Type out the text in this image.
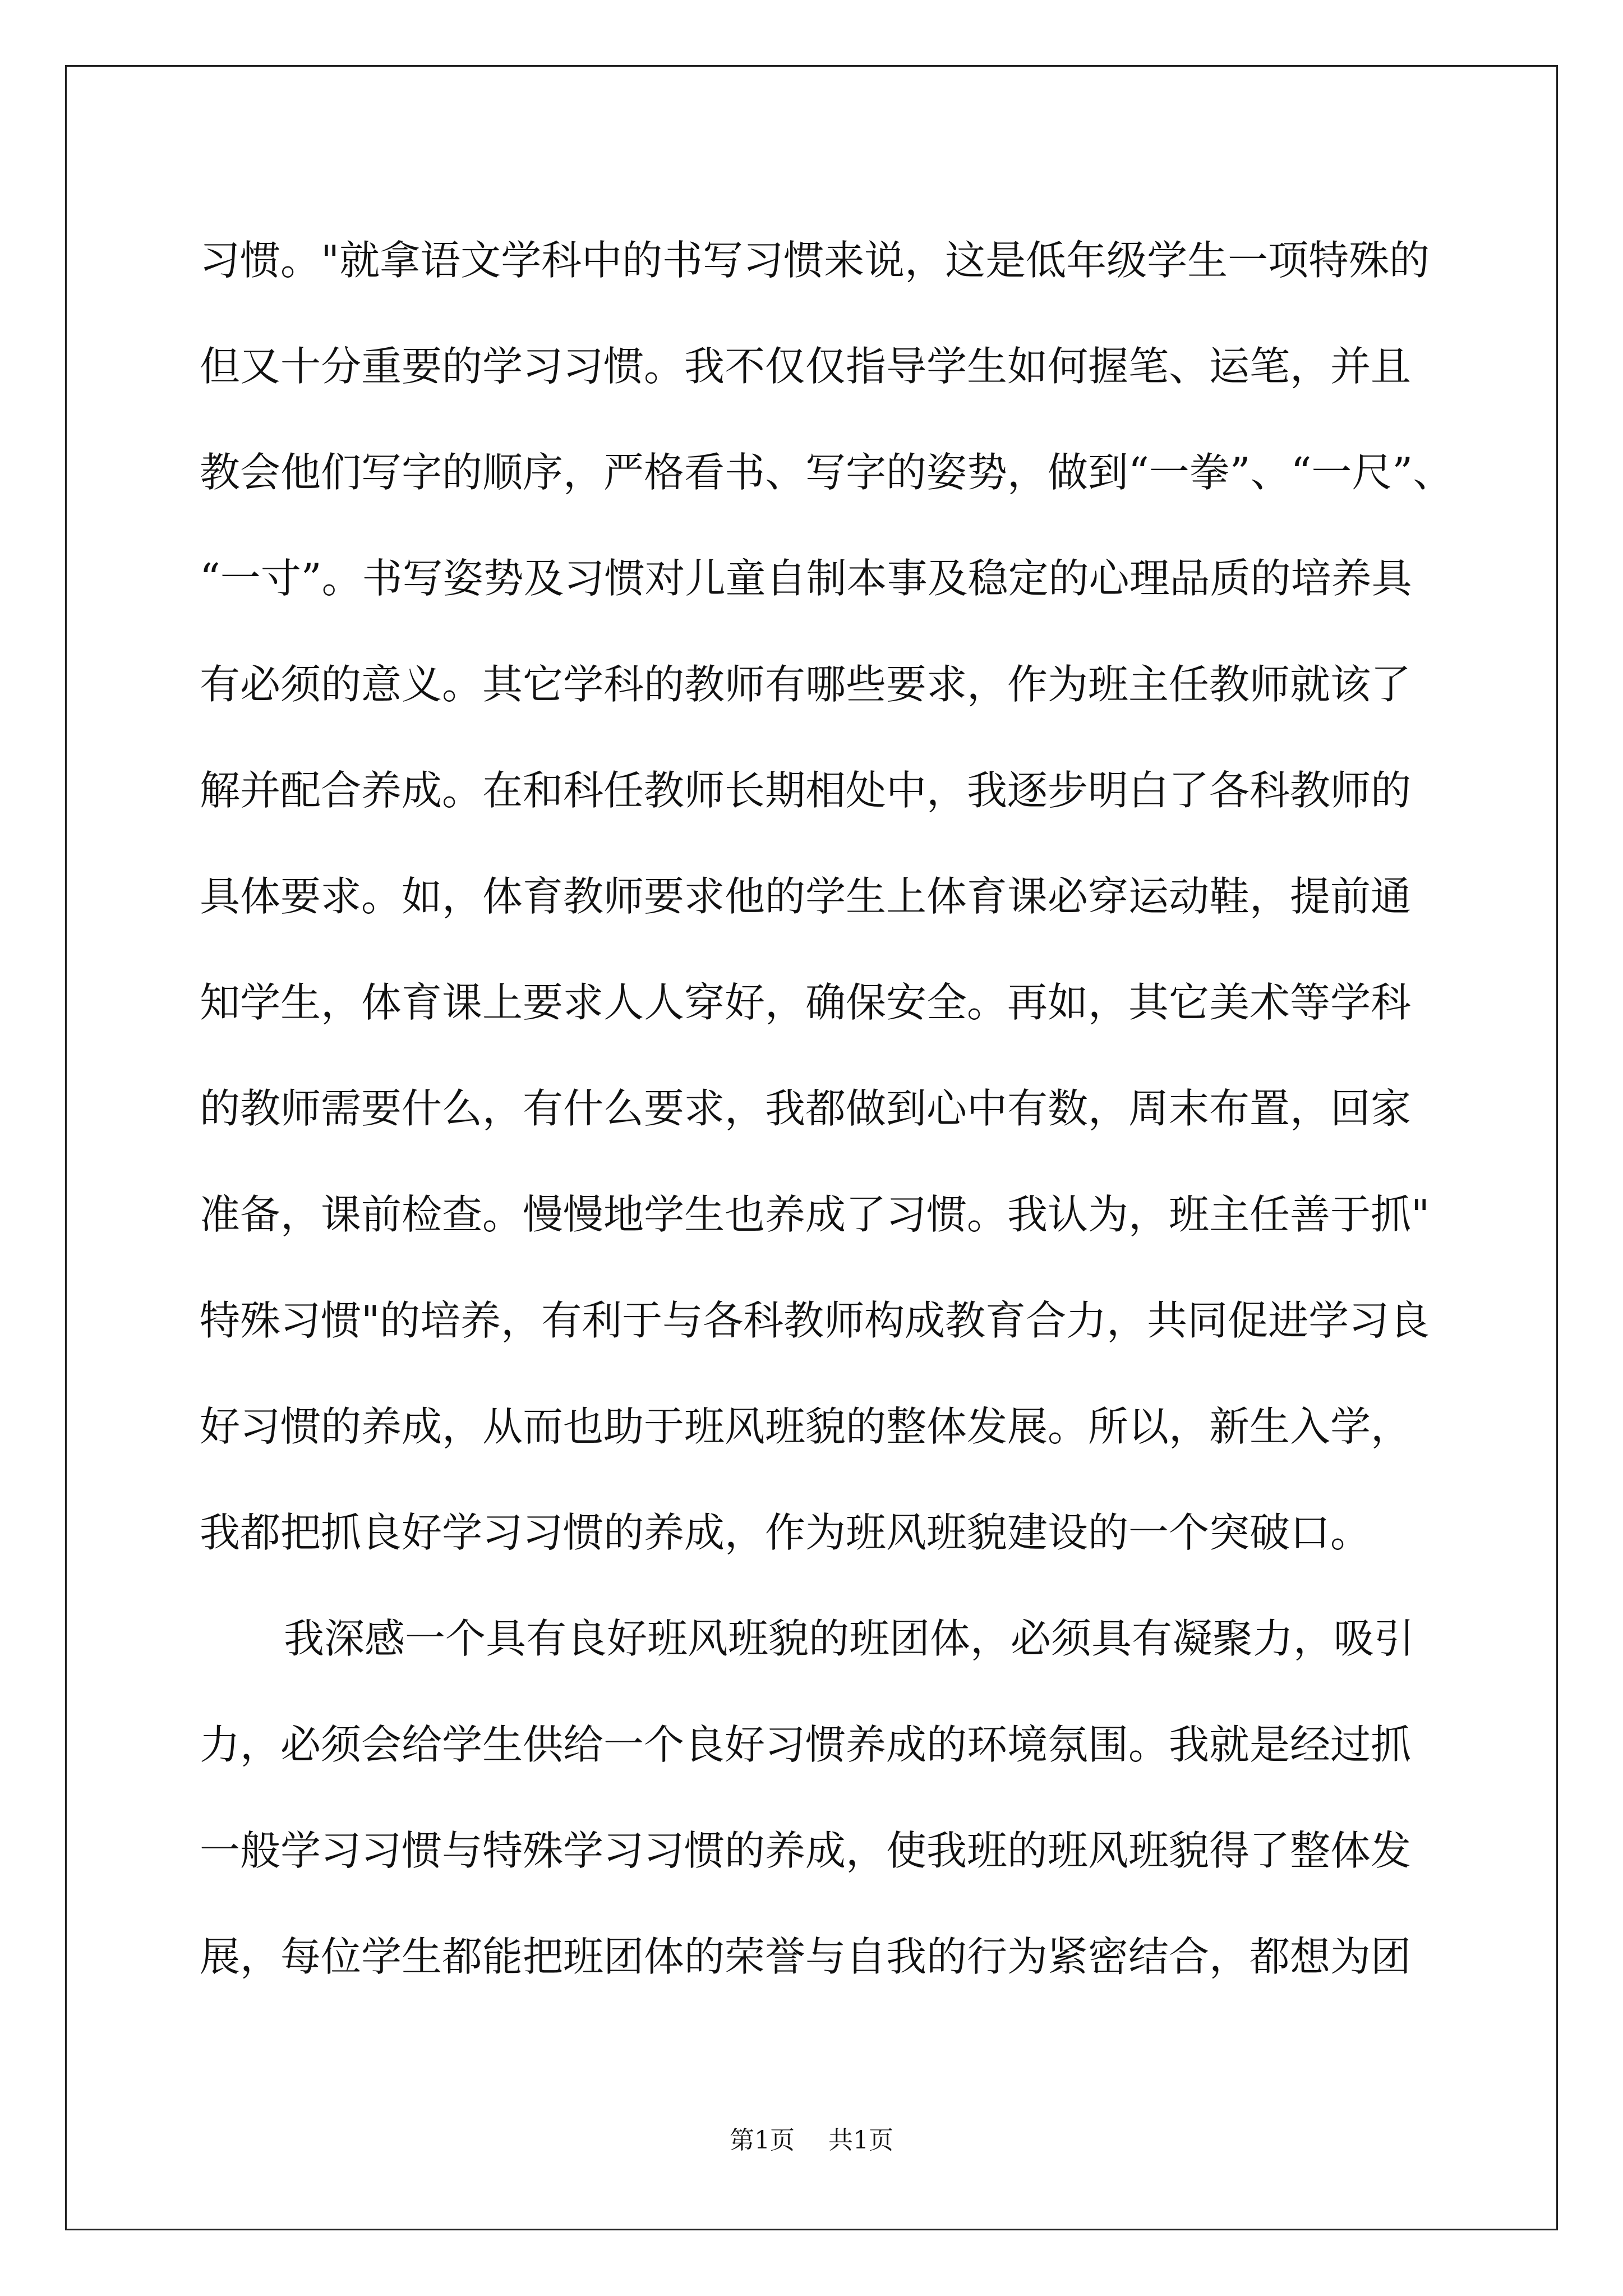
习惯。"就拿语文学科中的书写习惯来说，这是低年级学生一项特殊的
但又十分重要的学习习惯。我不仅仅指导学生如何握笔、运笔，并且
教会他们写字的顺序，严格看书、写字的姿势，做到“一拳”、“一尺”、
“一寸”。书写姿势及习惯对儿童自制本事及稳定的心理品质的培养具
有必须的意义。其它学科的教师有哪些要求，作为班主任教师就该了
解并配合养成。在和科任教师长期相处中，我逐步明白了各科教师的
具体要求。如，体育教师要求他的学生上体育课必穿运动鞋，提前通
知学生，体育课上要求人人穿好，确保安全。再如，其它美术等学科
的教师需要什么，有什么要求，我都做到心中有数，周末布置，回家
准备，课前检查。慢慢地学生也养成了习惯。我认为，班主任善于抓"
特殊习惯"的培养，有利于与各科教师构成教育合力，共同促进学习良
好习惯的养成，从而也助于班风班貌的整体发展。所以，新生入学，
我都把抓良好学习习惯的养成，作为班风班貌建设的一个突破口。
我深感一个具有良好班风班貌的班团体，必须具有凝聚力，吸引
力，必须会给学生供给一个良好习惯养成的环境氛围。我就是经过抓
一般学习习惯与特殊学习习惯的养成，使我班的班风班貌得了整体发
展，每位学生都能把班团体的荣誉与自我的行为紧密结合，都想为团
第1页 共1页
